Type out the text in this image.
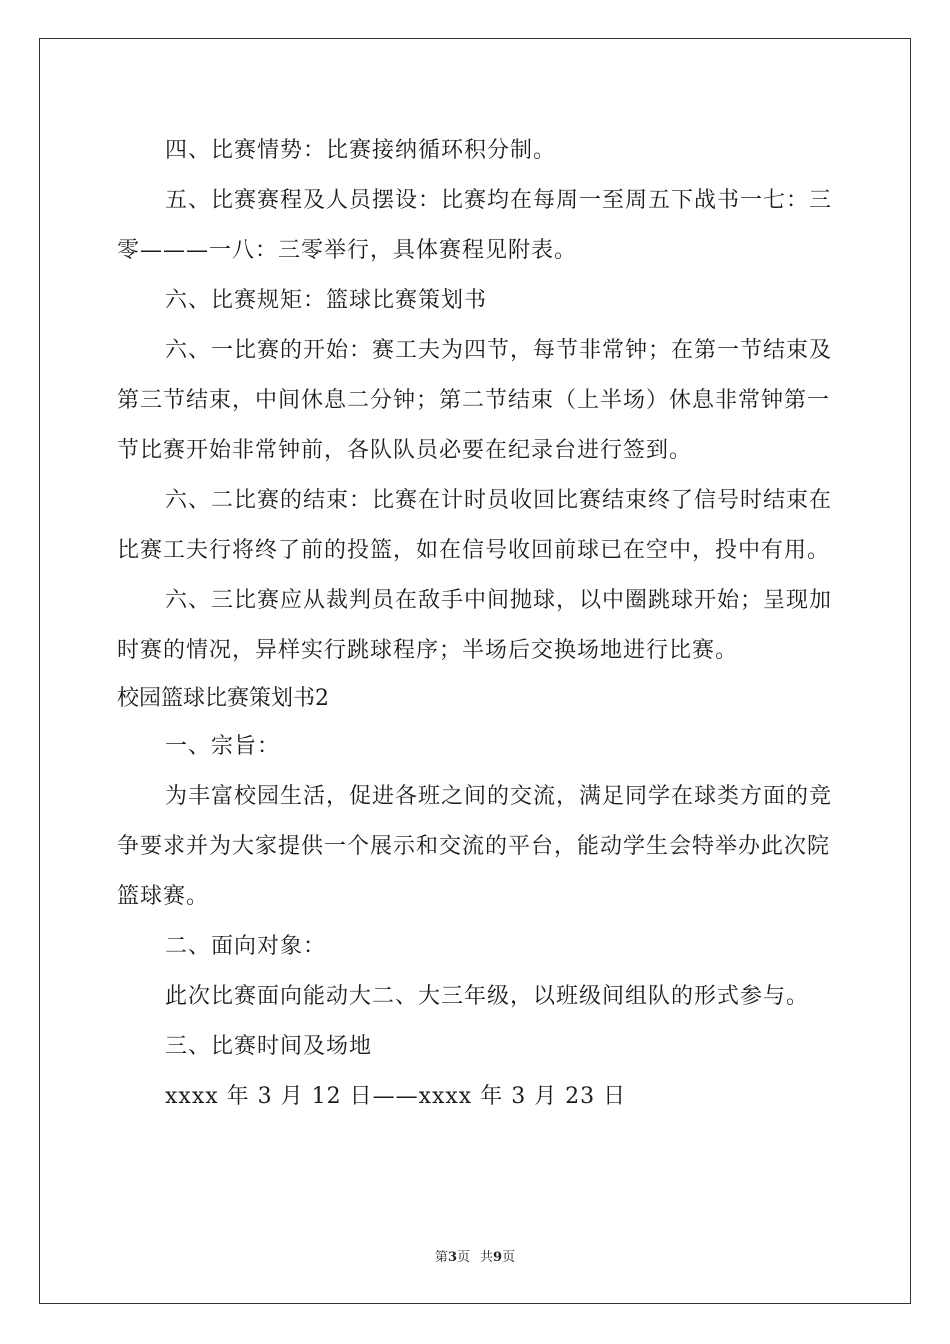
四、比赛情势：比赛接纳循环积分制。

五、比赛赛程及人员摆设：比赛均在每周一至周五下战书一七：三零———一八：三零举行，具体赛程见附表。

六、比赛规矩：篮球比赛策划书

六、一比赛的开始：赛工夫为四节，每节非常钟；在第一节结束及第三节结束，中间休息二分钟；第二节结束（上半场）休息非常钟第一节比赛开始非常钟前，各队队员必要在纪录台进行签到。

六、二比赛的结束：比赛在计时员收回比赛结束终了信号时结束在比赛工夫行将终了前的投篮，如在信号收回前球已在空中，投中有用。

六、三比赛应从裁判员在敌手中间抛球，以中圈跳球开始；呈现加时赛的情况，异样实行跳球程序；半场后交换场地进行比赛。

校园篮球比赛策划书2

一、宗旨：

为丰富校园生活，促进各班之间的交流，满足同学在球类方面的竞争要求并为大家提供一个展示和交流的平台，能动学生会特举办此次院篮球赛。

二、面向对象：

此次比赛面向能动大二、大三年级，以班级间组队的形式参与。

三、比赛时间及场地

xxxx 年 3 月 12 日——xxxx 年 3 月 23 日

第3页 共9页
